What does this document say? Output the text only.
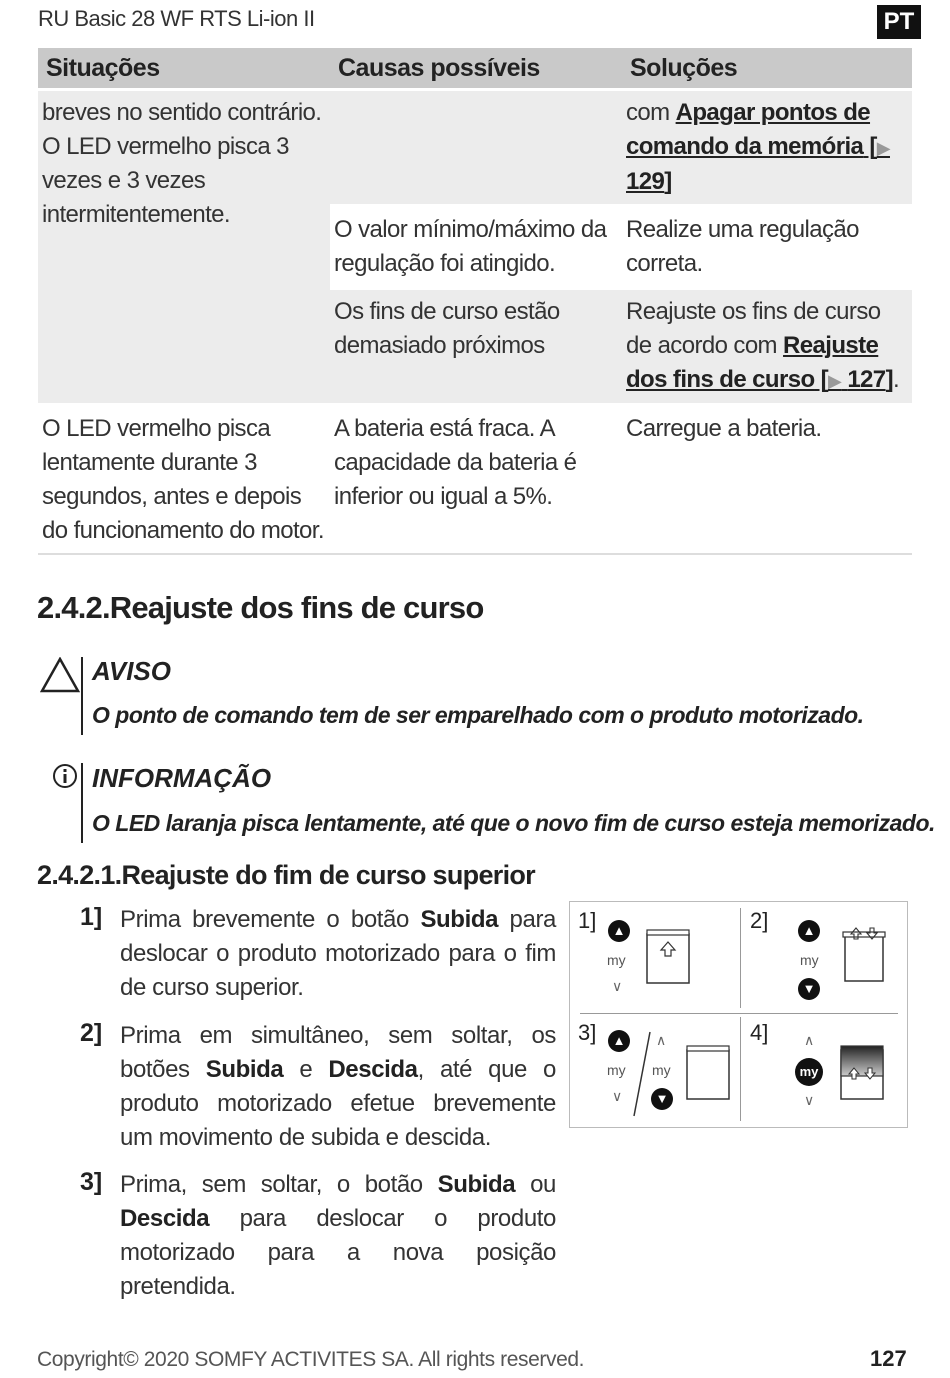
RU Basic 28 WF RTS Li-ion II	PT
Situações	Causas possíveis	Soluções
breves no sentido contrário. O LED vermelho pisca 3 vezes e 3 vezes intermitentemente.		com Apagar pontos de comando da memória [▶ 129]
	O valor mínimo/máximo da regulação foi atingido.	Realize uma regulação correta.
	Os fins de curso estão demasiado próximos	Reajuste os fins de curso de acordo com Reajuste dos fins de curso [▶ 127].
O LED vermelho pisca lentamente durante 3 segundos, antes e depois do funcionamento do motor.	A bateria está fraca. A capacidade da bateria é inferior ou igual a 5%.	Carregue a bateria.
2.4.2.Reajuste dos fins de curso
AVISO
O ponto de comando tem de ser emparelhado com o produto motorizado.
INFORMAÇÃO
O LED laranja pisca lentamente, até que o novo fim de curso esteja memorizado.
2.4.2.1.Reajuste do fim de curso superior
1] Prima brevemente o botão Subida para deslocar o produto motorizado para o fim de curso superior.
2] Prima em simultâneo, sem soltar, os botões Subida e Descida, até que o produto motorizado efetue brevemente um movimento de subida e descida.
3] Prima, sem soltar, o botão Subida ou Descida para deslocar o produto motorizado para a nova posição pretendida.
1]	▲
my
∨
2]	▲
my
▼
3]	▲
my
∨
∧
my
▼
4]	∧
my
∨
Copyright© 2020 SOMFY ACTIVITES SA. All rights reserved.	127
